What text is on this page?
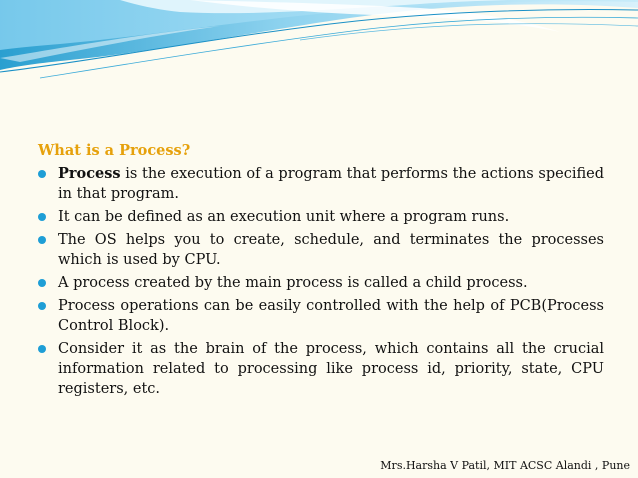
What is a Process?
Process is the execution of a program that performs the actions specified in that program.
It can be defined as an execution unit where a program runs.
The OS helps you to create, schedule, and terminates the processes which is used by CPU.
A process created by the main process is called a child process.
Process operations can be easily controlled with the help of PCB(Process Control Block).
Consider it as the brain of the process, which contains all the crucial information related to processing like process id, priority, state, CPU registers, etc.
Mrs.Harsha V Patil, MIT ACSC Alandi , Pune
